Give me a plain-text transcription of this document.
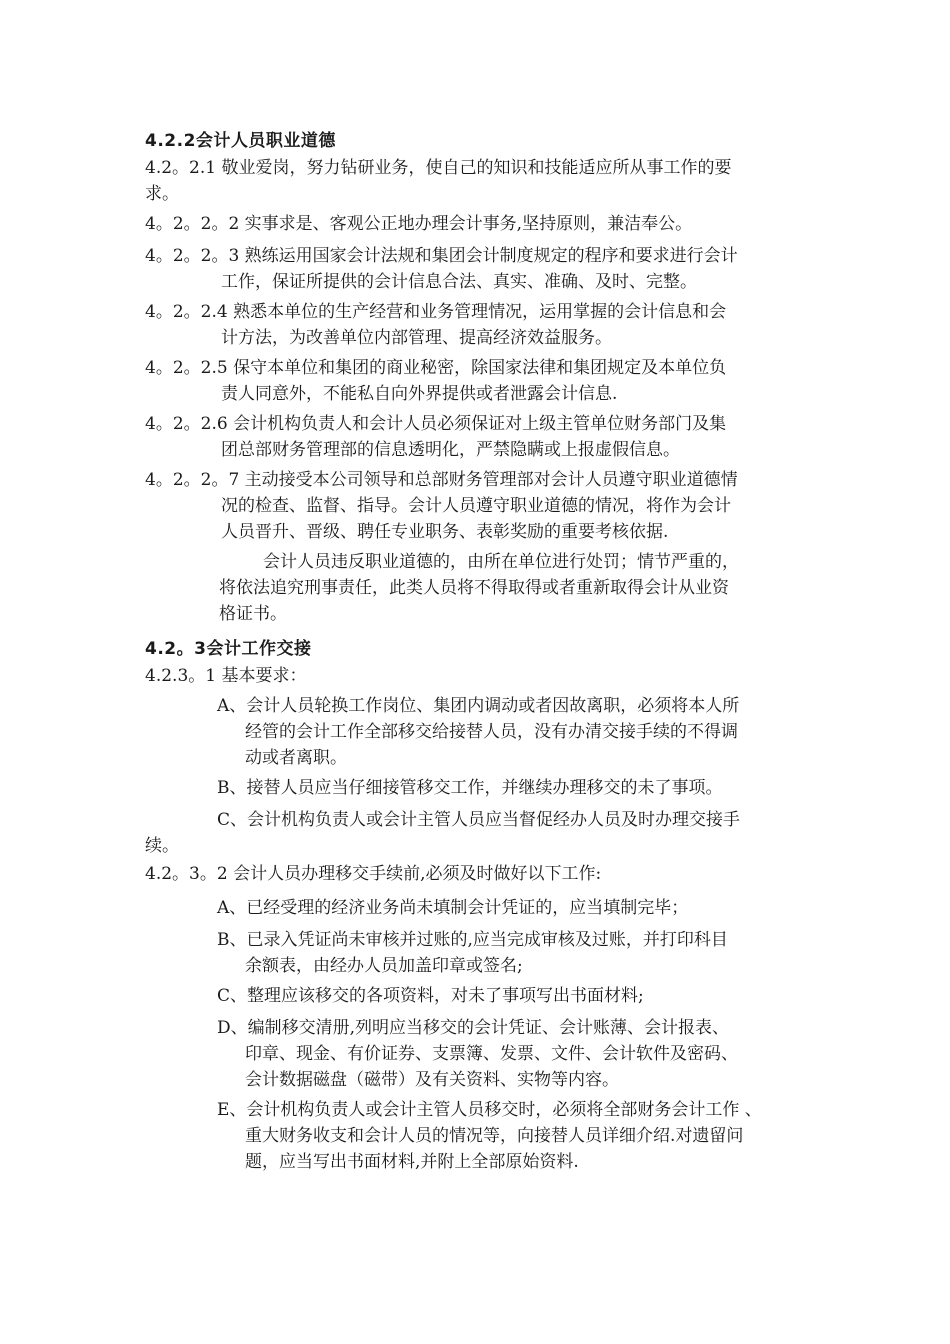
4.2.2会计人员职业道德
4.2。2.1 敬业爱岗，努力钻研业务，使自己的知识和技能适应所从事工作的要
求。
4。2。2。2 实事求是、客观公正地办理会计事务,坚持原则，兼洁奉公。
4。2。2。3 熟练运用国家会计法规和集团会计制度规定的程序和要求进行会计
工作，保证所提供的会计信息合法、真实、准确、及时、完整。
4。2。2.4 熟悉本单位的生产经营和业务管理情况，运用掌握的会计信息和会
计方法，为改善单位内部管理、提高经济效益服务。
4。2。2.5 保守本单位和集团的商业秘密，除国家法律和集团规定及本单位负
责人同意外，不能私自向外界提供或者泄露会计信息.
4。2。2.6 会计机构负责人和会计人员必须保证对上级主管单位财务部门及集
团总部财务管理部的信息透明化，严禁隐瞒或上报虚假信息。
4。2。2。7 主动接受本公司领导和总部财务管理部对会计人员遵守职业道德情
况的检查、监督、指导。会计人员遵守职业道德的情况，将作为会计
人员晋升、晋级、聘任专业职务、表彰奖励的重要考核依据.
会计人员违反职业道德的，由所在单位进行处罚；情节严重的，
将依法追究刑事责任，此类人员将不得取得或者重新取得会计从业资
格证书。
4.2。3会计工作交接
4.2.3。1 基本要求：
A、会计人员轮换工作岗位、集团内调动或者因故离职，必须将本人所
经管的会计工作全部移交给接替人员，没有办清交接手续的不得调
动或者离职。
B、接替人员应当仔细接管移交工作，并继续办理移交的未了事项。
C、会计机构负责人或会计主管人员应当督促经办人员及时办理交接手
续。
4.2。3。2 会计人员办理移交手续前,必须及时做好以下工作:
A、已经受理的经济业务尚未填制会计凭证的，应当填制完毕；
B、已录入凭证尚未审核并过账的,应当完成审核及过账，并打印科目
余额表，由经办人员加盖印章或签名;
C、整理应该移交的各项资料，对未了事项写出书面材料;
D、编制移交清册,列明应当移交的会计凭证、会计账薄、会计报表、
印章、现金、有价证券、支票簿、发票、文件、会计软件及密码、
会计数据磁盘（磁带）及有关资料、实物等内容。
E、会计机构负责人或会计主管人员移交时，必须将全部财务会计工作 、
重大财务收支和会计人员的情况等，向接替人员详细介绍.对遗留问
题，应当写出书面材料,并附上全部原始资料.
